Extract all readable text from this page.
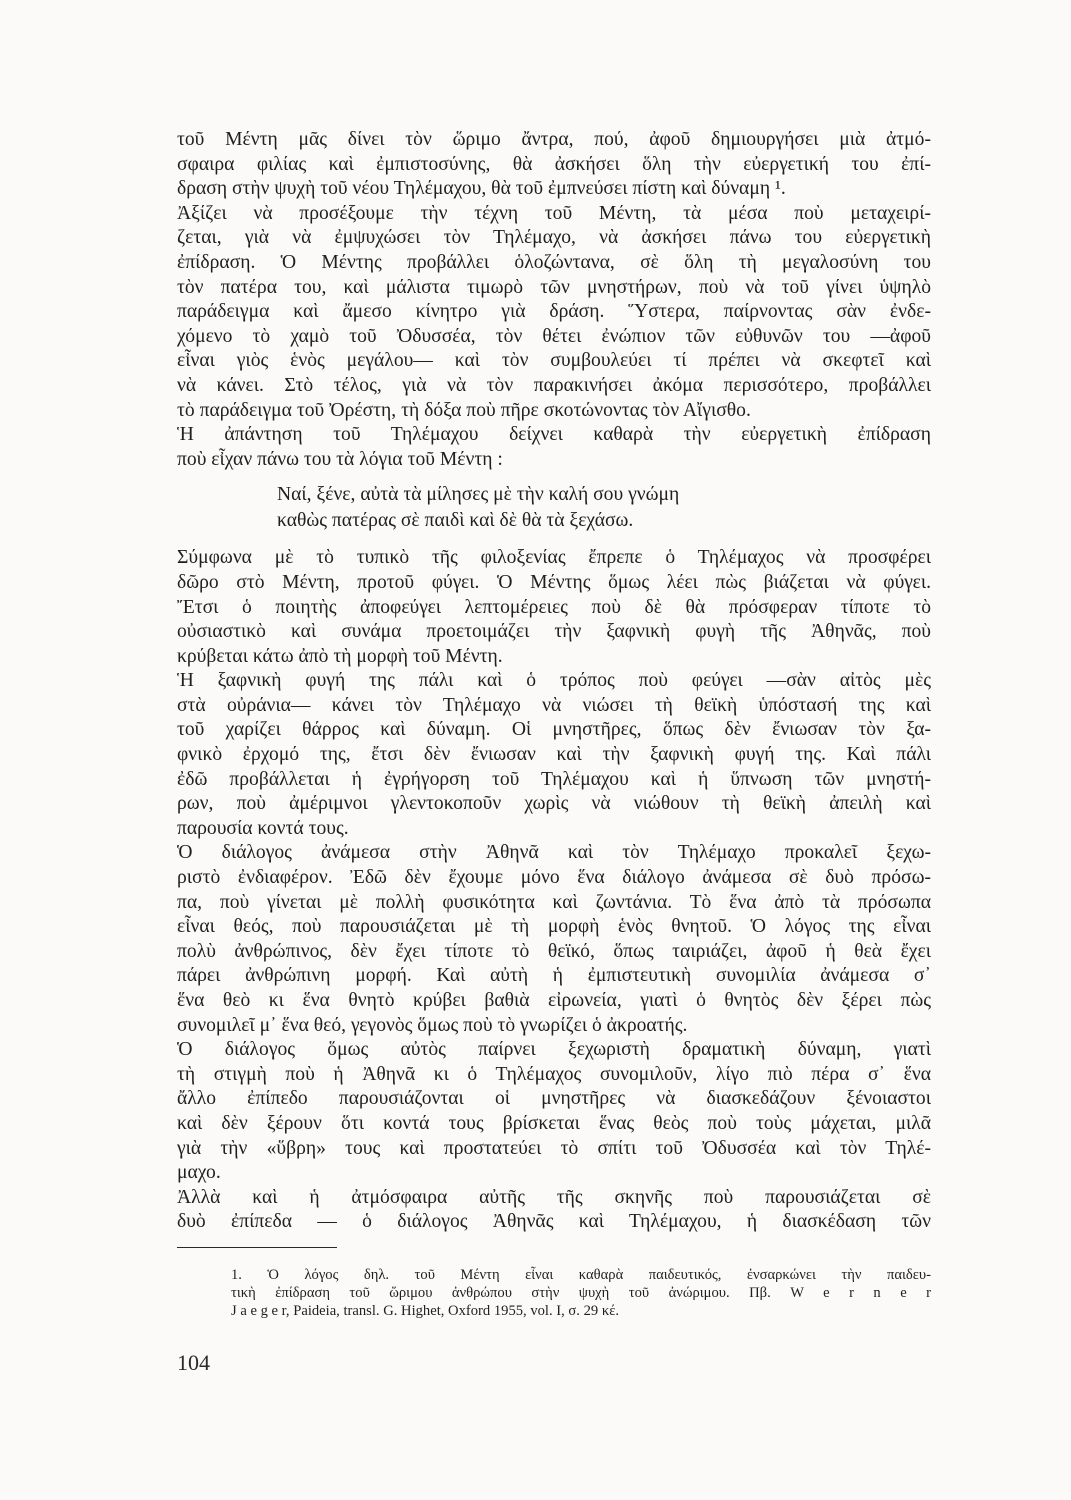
τοῦ Μέντη μᾶς δίνει τὸν ὥριμο ἄντρα, πού, ἀφοῦ δημιουργήσει μιὰ ἀτμό-
σφαιρα φιλίας καὶ ἐμπιστοσύνης, θὰ ἀσκήσει ὅλη τὴν εὐεργετική του ἐπί-
δραση στὴν ψυχὴ τοῦ νέου Τηλέμαχου, θὰ τοῦ ἐμπνεύσει πίστη καὶ δύναμη ¹.

Ἀξίζει νὰ προσέξουμε τὴν τέχνη τοῦ Μέντη, τὰ μέσα ποὺ μεταχειρί-
ζεται, γιὰ νὰ ἐμψυχώσει τὸν Τηλέμαχο, νὰ ἀσκήσει πάνω του εὐεργετικὴ
ἐπίδραση. Ὁ Μέντης προβάλλει ὁλοζώντανα, σὲ ὅλη τὴ μεγαλοσύνη του
τὸν πατέρα του, καὶ μάλιστα τιμωρὸ τῶν μνηστήρων, ποὺ νὰ τοῦ γίνει ὑψηλὸ
παράδειγμα καὶ ἄμεσο κίνητρο γιὰ δράση. Ὕστερα, παίρνοντας σὰν ἐνδε-
χόμενο τὸ χαμὸ τοῦ Ὀδυσσέα, τὸν θέτει ἐνώπιον τῶν εὐθυνῶν του —ἀφοῦ
εἶναι γιὸς ἑνὸς μεγάλου— καὶ τὸν συμβουλεύει τί πρέπει νὰ σκεφτεῖ καὶ
νὰ κάνει. Στὸ τέλος, γιὰ νὰ τὸν παρακινήσει ἀκόμα περισσότερο, προβάλλει
τὸ παράδειγμα τοῦ Ὀρέστη, τὴ δόξα ποὺ πῆρε σκοτώνοντας τὸν Αἴγισθο.

Ἡ ἀπάντηση τοῦ Τηλέμαχου δείχνει καθαρὰ τὴν εὐεργετικὴ ἐπίδραση
ποὺ εἶχαν πάνω του τὰ λόγια τοῦ Μέντη :

Ναί, ξένε, αὐτὰ τὰ μίλησες μὲ τὴν καλή σου γνώμη
καθὼς πατέρας σὲ παιδὶ καὶ δὲ θὰ τὰ ξεχάσω.

Σύμφωνα μὲ τὸ τυπικὸ τῆς φιλοξενίας ἔπρεπε ὁ Τηλέμαχος νὰ προσφέρει
δῶρο στὸ Μέντη, προτοῦ φύγει. Ὁ Μέντης ὅμως λέει πὼς βιάζεται νὰ φύγει.
Ἔτσι ὁ ποιητὴς ἀποφεύγει λεπτομέρειες ποὺ δὲ θὰ πρόσφεραν τίποτε τὸ
οὐσιαστικὸ καὶ συνάμα προετοιμάζει τὴν ξαφνικὴ φυγὴ τῆς Ἀθηνᾶς, ποὺ
κρύβεται κάτω ἀπὸ τὴ μορφὴ τοῦ Μέντη.

Ἡ ξαφνικὴ φυγή της πάλι καὶ ὁ τρόπος ποὺ φεύγει —σὰν αἰτὸς μὲς
στὰ οὐράνια— κάνει τὸν Τηλέμαχο νὰ νιώσει τὴ θεϊκὴ ὑπόστασή της καὶ
τοῦ χαρίζει θάρρος καὶ δύναμη. Οἱ μνηστῆρες, ὅπως δὲν ἔνιωσαν τὸν ξα-
φνικὸ ἐρχομό της, ἔτσι δὲν ἔνιωσαν καὶ τὴν ξαφνικὴ φυγή της. Καὶ πάλι
ἐδῶ προβάλλεται ἡ ἐγρήγορση τοῦ Τηλέμαχου καὶ ἡ ὕπνωση τῶν μνηστή-
ρων, ποὺ ἀμέριμνοι γλεντοκοποῦν χωρὶς νὰ νιώθουν τὴ θεϊκὴ ἀπειλὴ καὶ
παρουσία κοντά τους.

Ὁ διάλογος ἀνάμεσα στὴν Ἀθηνᾶ καὶ τὸν Τηλέμαχο προκαλεῖ ξεχω-
ριστὸ ἐνδιαφέρον. Ἐδῶ δὲν ἔχουμε μόνο ἕνα διάλογο ἀνάμεσα σὲ δυὸ πρόσω-
πα, ποὺ γίνεται μὲ πολλὴ φυσικότητα καὶ ζωντάνια. Τὸ ἕνα ἀπὸ τὰ πρόσωπα
εἶναι θεός, ποὺ παρουσιάζεται μὲ τὴ μορφὴ ἑνὸς θνητοῦ. Ὁ λόγος της εἶναι
πολὺ ἀνθρώπινος, δὲν ἔχει τίποτε τὸ θεϊκό, ὅπως ταιριάζει, ἀφοῦ ἡ θεὰ ἔχει
πάρει ἀνθρώπινη μορφή. Καὶ αὐτὴ ἡ ἐμπιστευτικὴ συνομιλία ἀνάμεσα σ᾽
ἕνα θεὸ κι ἕνα θνητὸ κρύβει βαθιὰ εἰρωνεία, γιατὶ ὁ θνητὸς δὲν ξέρει πὼς
συνομιλεῖ μ᾽ ἕνα θεό, γεγονὸς ὅμως ποὺ τὸ γνωρίζει ὁ ἀκροατής.

Ὁ διάλογος ὅμως αὐτὸς παίρνει ξεχωριστὴ δραματικὴ δύναμη, γιατὶ
τὴ στιγμὴ ποὺ ἡ Ἀθηνᾶ κι ὁ Τηλέμαχος συνομιλοῦν, λίγο πιὸ πέρα σ᾽ ἕνα
ἄλλο ἐπίπεδο παρουσιάζονται οἱ μνηστῆρες νὰ διασκεδάζουν ξένοιαστοι
καὶ δὲν ξέρουν ὅτι κοντά τους βρίσκεται ἕνας θεὸς ποὺ τοὺς μάχεται, μιλᾶ
γιὰ τὴν «ὕβρη» τους καὶ προστατεύει τὸ σπίτι τοῦ Ὀδυσσέα καὶ τὸν Τηλέ-
μαχο.

Ἀλλὰ καὶ ἡ ἀτμόσφαιρα αὐτῆς τῆς σκηνῆς ποὺ παρουσιάζεται σὲ
δυὸ ἐπίπεδα — ὁ διάλογος Ἀθηνᾶς καὶ Τηλέμαχου, ἡ διασκέδαση τῶν

1. Ὁ λόγος δηλ. τοῦ Μέντη εἶναι καθαρὰ παιδευτικός, ἐνσαρκώνει τὴν παιδευ-
τικὴ ἐπίδραση τοῦ ὥριμου ἀνθρώπου στὴν ψυχὴ τοῦ ἀνώριμου. Πβ. W e r n e r
J a e g e r, Paideia, transl. G. Highet, Oxford 1955, vol. I, σ. 29 κέ.
104
